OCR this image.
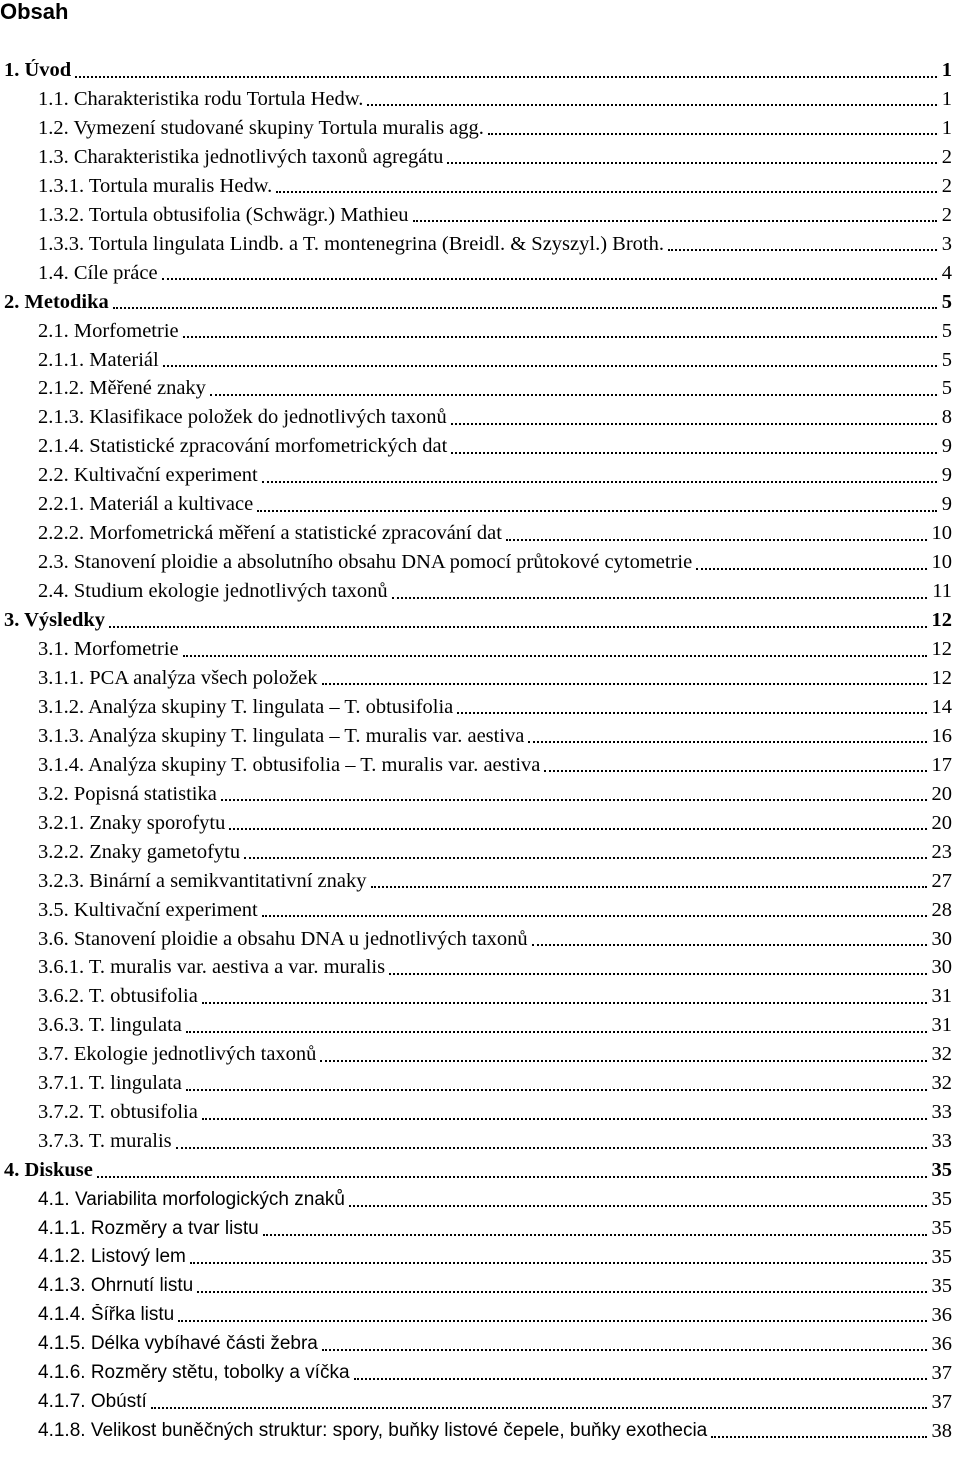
Obsah
1. Úvod	1
1.1. Charakteristika rodu Tortula Hedw.	1
1.2. Vymezení studované skupiny Tortula muralis agg.	1
1.3. Charakteristika jednotlivých taxonů agregátu	2
1.3.1. Tortula muralis Hedw.	2
1.3.2. Tortula obtusifolia (Schwägr.) Mathieu	2
1.3.3. Tortula lingulata Lindb. a T. montenegrina (Breidl. & Szyszyl.) Broth.	3
1.4. Cíle práce	4
2. Metodika	5
2.1. Morfometrie	5
2.1.1. Materiál	5
2.1.2. Měřené znaky	5
2.1.3. Klasifikace položek do jednotlivých taxonů	8
2.1.4. Statistické zpracování morfometrických dat	9
2.2. Kultivační experiment	9
2.2.1. Materiál a kultivace	9
2.2.2. Morfometrická měření a statistické zpracování dat	10
2.3. Stanovení ploidie a absolutního obsahu DNA pomocí průtokové cytometrie	10
2.4. Studium ekologie jednotlivých taxonů	11
3. Výsledky	12
3.1. Morfometrie	12
3.1.1. PCA analýza všech položek	12
3.1.2. Analýza skupiny T. lingulata – T. obtusifolia	14
3.1.3. Analýza skupiny T. lingulata – T. muralis var. aestiva	16
3.1.4. Analýza skupiny T. obtusifolia – T. muralis var. aestiva	17
3.2. Popisná statistika	20
3.2.1. Znaky sporofytu	20
3.2.2. Znaky gametofytu	23
3.2.3. Binární a semikvantitativní znaky	27
3.5. Kultivační experiment	28
3.6. Stanovení ploidie a obsahu DNA u jednotlivých taxonů	30
3.6.1. T. muralis var. aestiva a var. muralis	30
3.6.2. T. obtusifolia	31
3.6.3. T. lingulata	31
3.7. Ekologie jednotlivých taxonů	32
3.7.1. T. lingulata	32
3.7.2. T. obtusifolia	33
3.7.3. T. muralis	33
4. Diskuse	35
4.1. Variabilita morfologických znaků	35
4.1.1. Rozměry a tvar listu	35
4.1.2. Listový lem	35
4.1.3. Ohrnutí listu	35
4.1.4. Šířka listu	36
4.1.5. Délka vybíhavé části žebra	36
4.1.6. Rozměry stětu, tobolky a víčka	37
4.1.7. Obústí	37
4.1.8. Velikost buněčných struktur: spory, buňky listové čepele, buňky exothecia	38
